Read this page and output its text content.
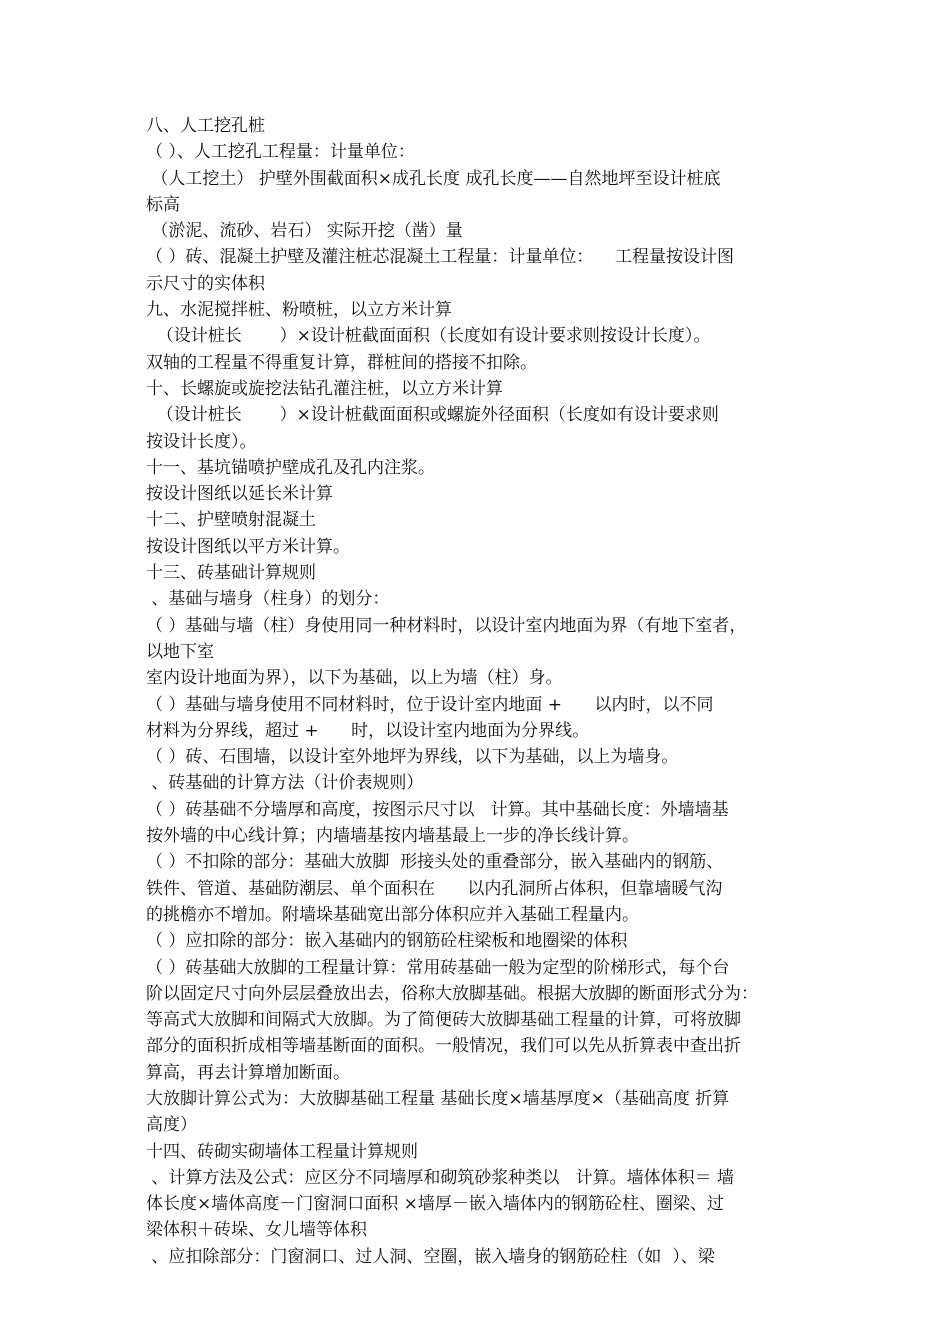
八、人工挖孔桩
（ ）、人工挖孔工程量：计量单位：
（人工挖土） 护壁外围截面积×成孔长度 成孔长度——自然地坪至设计桩底
标高
（淤泥、流砂、岩石） 实际开挖（凿）量
（ ）砖、混凝土护壁及灌注桩芯混凝土工程量：计量单位：    工程量按设计图
示尺寸的实体积
九、水泥搅拌桩、粉喷桩，以立方米计算
（设计桩长       ）×设计桩截面面积（长度如有设计要求则按设计长度）。
双轴的工程量不得重复计算，群桩间的搭接不扣除。
十、长螺旋或旋挖法钻孔灌注桩，以立方米计算
（设计桩长       ）×设计桩截面面积或螺旋外径面积（长度如有设计要求则
按设计长度）。
十一、基坑锚喷护壁成孔及孔内注浆。
按设计图纸以延长米计算
十二、护壁喷射混凝土
按设计图纸以平方米计算。
十三、砖基础计算规则
、基础与墙身（柱身）的划分：
（ ）基础与墙（柱）身使用同一种材料时，以设计室内地面为界（有地下室者，
以地下室
室内设计地面为界），以下为基础，以上为墙（柱）身。
（ ）基础与墙身使用不同材料时，位于设计室内地面 +      以内时，以不同
材料为分界线，超过 +      时，以设计室内地面为分界线。
（ ）砖、石围墙，以设计室外地坪为界线，以下为基础，以上为墙身。
、砖基础的计算方法（计价表规则）
（ ）砖基础不分墙厚和高度，按图示尺寸以   计算。其中基础长度：外墙墙基
按外墙的中心线计算；内墙墙基按内墙基最上一步的净长线计算。
（ ）不扣除的部分：基础大放脚  形接头处的重叠部分，嵌入基础内的钢筋、
铁件、管道、基础防潮层、单个面积在      以内孔洞所占体积，但靠墙暖气沟
的挑檐亦不增加。附墙垛基础宽出部分体积应并入基础工程量内。
（ ）应扣除的部分：嵌入基础内的钢筋砼柱梁板和地圈梁的体积
（ ）砖基础大放脚的工程量计算：常用砖基础一般为定型的阶梯形式，每个台
阶以固定尺寸向外层层叠放出去，俗称大放脚基础。根据大放脚的断面形式分为：
等高式大放脚和间隔式大放脚。为了简便砖大放脚基础工程量的计算，可将放脚
部分的面积折成相等墙基断面的面积。一般情况，我们可以先从折算表中查出折
算高，再去计算增加断面。
大放脚计算公式为：大放脚基础工程量 基础长度×墙基厚度×（基础高度 折算
高度）
十四、砖砌实砌墙体工程量计算规则
、计算方法及公式：应区分不同墙厚和砌筑砂浆种类以   计算。墙体体积＝ 墙
体长度×墙体高度－门窗洞口面积 ×墙厚－嵌入墙体内的钢筋砼柱、圈梁、过
梁体积＋砖垛、女儿墙等体积
、应扣除部分：门窗洞口、过人洞、空圈，嵌入墙身的钢筋砼柱（如  ）、梁
